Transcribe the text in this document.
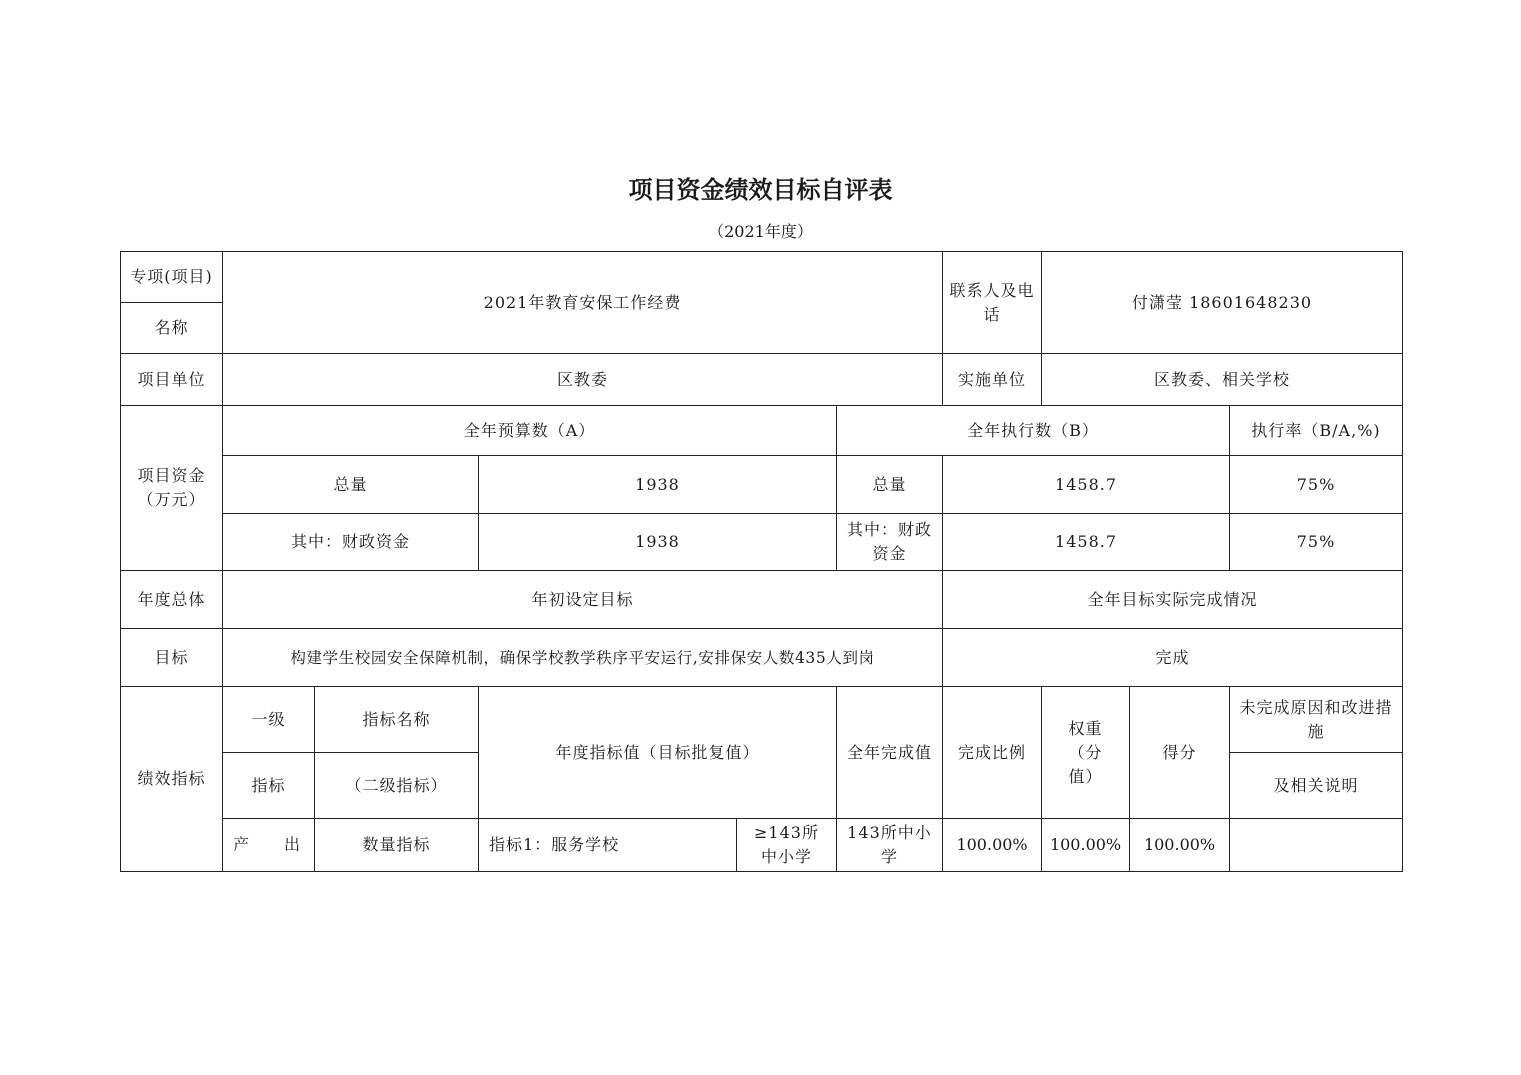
项目资金绩效目标自评表
（2021年度）
专项(项目)	2021年教育安保工作经费					联系人及电话	付潇莹 18601648230		
名称									
项目单位	区教委					实施单位	区教委、相关学校		
项目资金（万元）	全年预算数（A）				全年执行数（B）				执行率（B/A,%)
	总量		1938		总量	1458.7			75%
	其中：财政资金		1938		其中：财政资金	1458.7			75%
年度总体	年初设定目标					全年目标实际完成情况			
目标	构建学生校园安全保障机制，确保学校教学秩序平安运行,安排保安人数435人到岗					完成			
绩效指标	一级	指标名称	年度指标值（目标批复值）		全年完成值	完成比例	权重（分值）	得分	未完成原因和改进措施
	指标	（二级指标）							及相关说明
	产　　出	数量指标	指标1：服务学校	≥143所中小学	143所中小学	100.00%	100.00%	100.00%	
